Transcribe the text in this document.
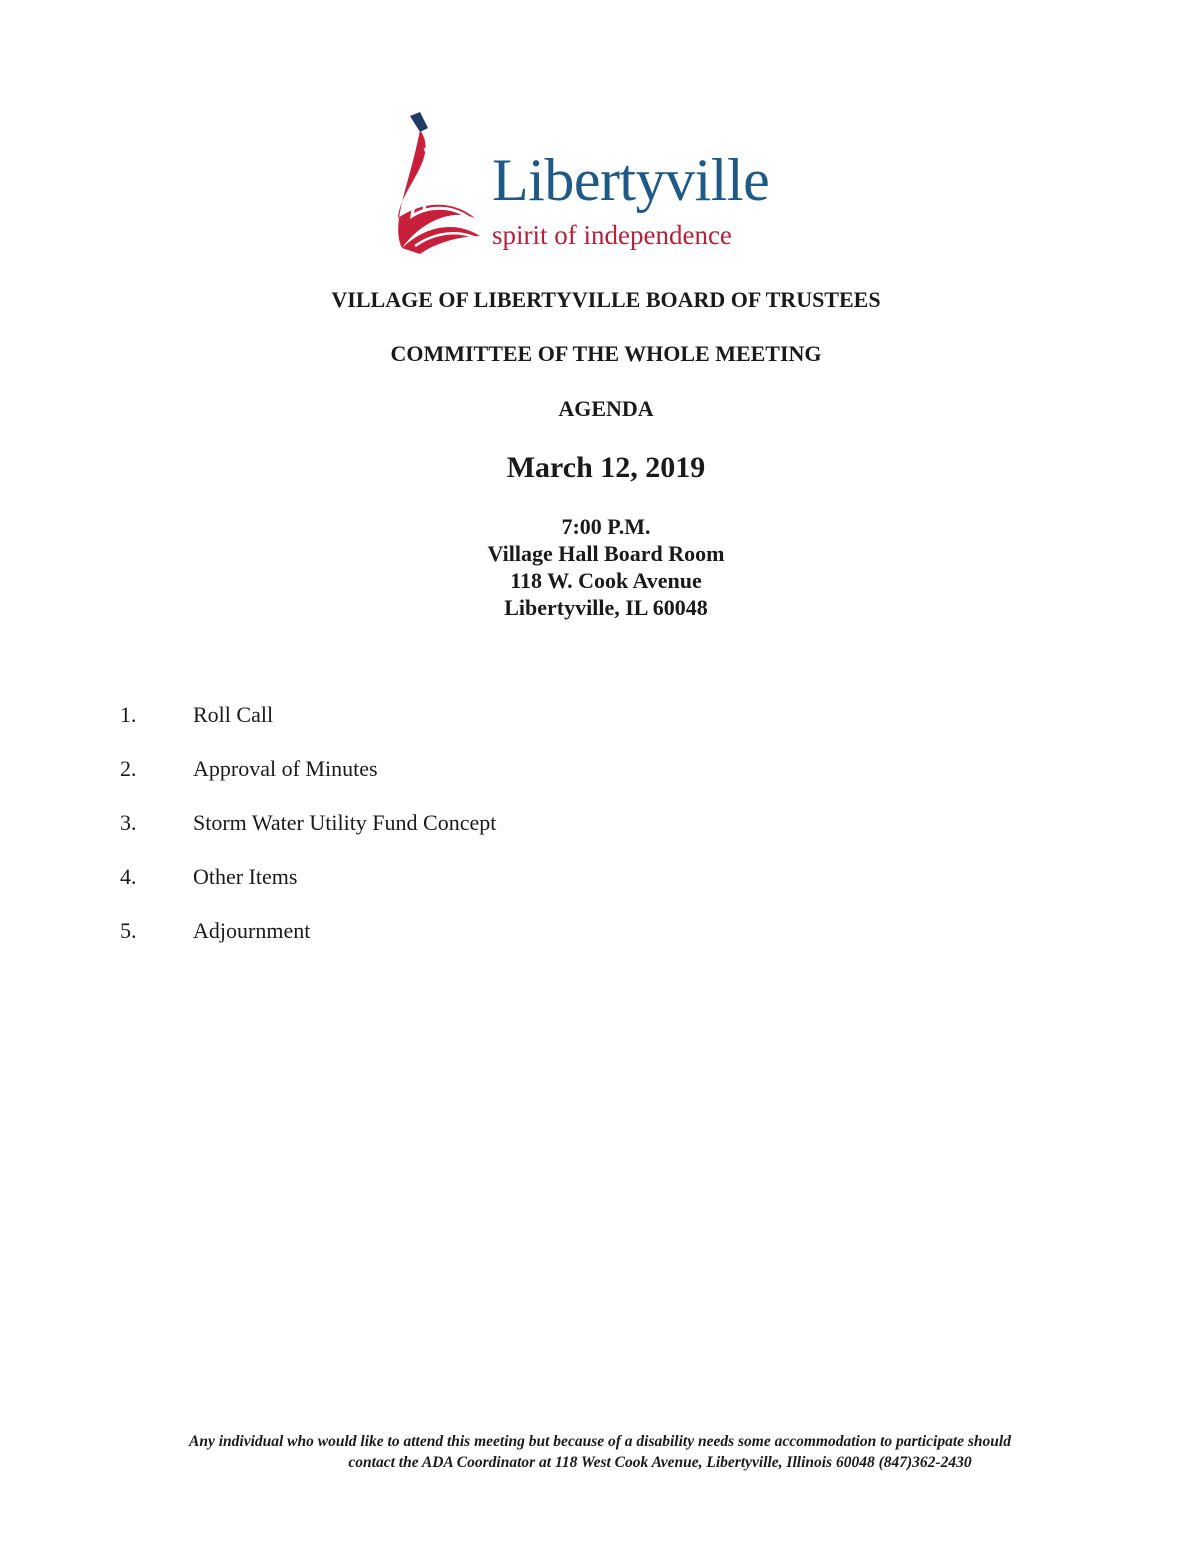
Libertyville
spirit of independence
VILLAGE OF LIBERTYVILLE BOARD OF TRUSTEES
COMMITTEE OF THE WHOLE MEETING
AGENDA
March 12, 2019
7:00 P.M.
Village Hall Board Room
118 W. Cook Avenue
Libertyville, IL 60048
1.	Roll Call
2.	Approval of Minutes
3.	Storm Water Utility Fund Concept
4.	Other Items
5.	Adjournment
Any individual who would like to attend this meeting but because of a disability needs some accommodation to participate should
contact the ADA Coordinator at 118 West Cook Avenue, Libertyville, Illinois 60048 (847)362-2430
